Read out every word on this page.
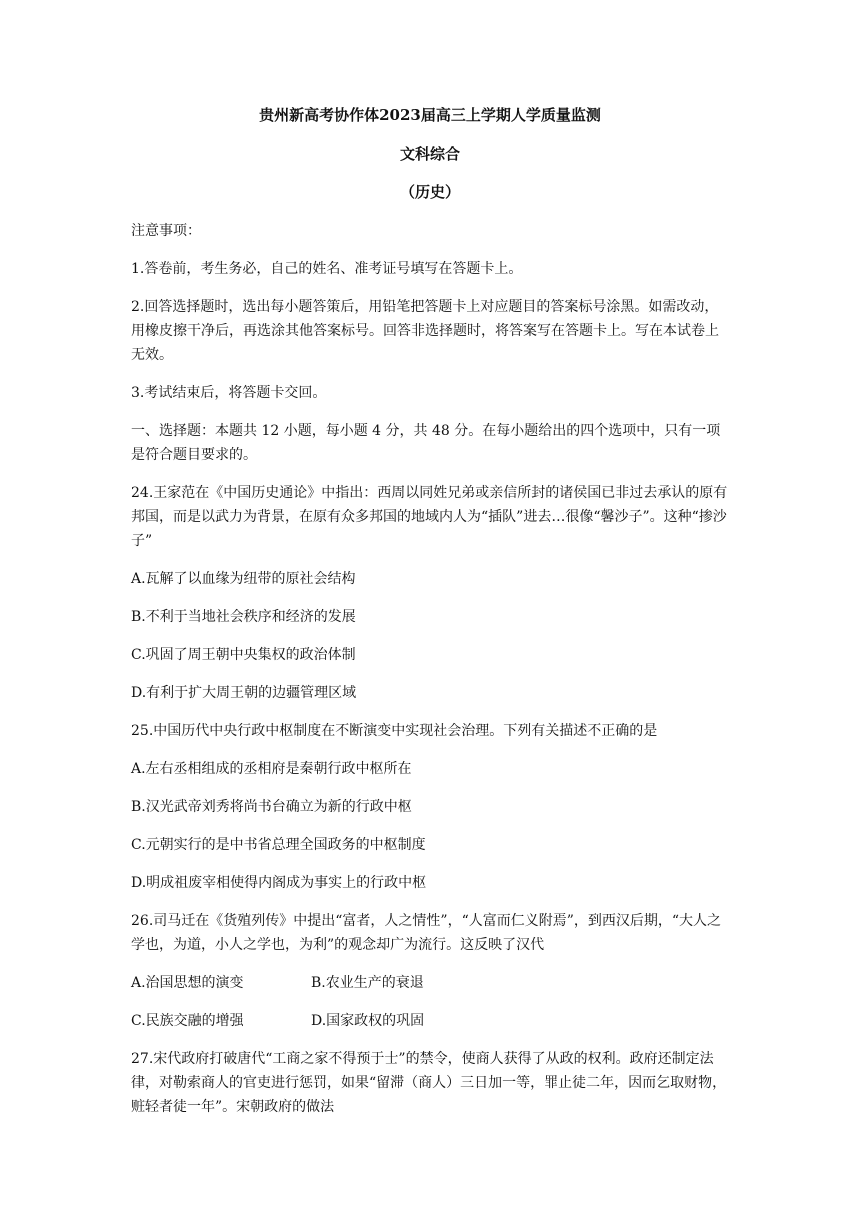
贵州新高考协作体2023届高三上学期人学质量监测
文科综合
（历史）

注意事项：

1.答卷前，考生务必，自己的姓名、准考证号填写在答题卡上。

2.回答选择题时，选出每小题答策后，用铅笔把答题卡上对应题目的答案标号涂黑。如需改动，用橡皮擦干净后，再选涂其他答案标号。回答非选择题时，将答案写在答题卡上。写在本试卷上无效。

3.考试结束后，将答题卡交回。

一、选择题：本题共 12 小题，每小题 4 分，共 48 分。在每小题给出的四个选项中，只有一项是符合题目要求的。

24.王家范在《中国历史通论》中指出：西周以同姓兄弟或亲信所封的诸侯国已非过去承认的原有邦国，而是以武力为背景，在原有众多邦国的地域内人为“插队”进去…很像“馨沙子”。这种“掺沙子”

A.瓦解了以血缘为纽带的原社会结构

B.不利于当地社会秩序和经济的发展

C.巩固了周王朝中央集权的政治体制

D.有利于扩大周王朝的边疆管理区域

25.中国历代中央行政中枢制度在不断演变中实现社会治理。下列有关描述不正确的是

A.左右丞相组成的丞相府是秦朝行政中枢所在

B.汉光武帝刘秀将尚书台确立为新的行政中枢

C.元朝实行的是中书省总理全国政务的中枢制度

D.明成祖废宰相使得内阁成为事实上的行政中枢

26.司马迁在《货殖列传》中提出“富者，人之情性”，“人富而仁义附焉”，到西汉后期，“大人之学也，为道，小人之学也，为利”的观念却广为流行。这反映了汉代

A.治国思想的演变	B.农业生产的衰退
C.民族交融的增强	D.国家政权的巩固

27.宋代政府打破唐代“工商之家不得预于士”的禁令，使商人获得了从政的权利。政府还制定法律，对勒索商人的官吏进行惩罚，如果“留滞（商人）三日加一等，罪止徒二年，因而乞取财物，赃轻者徒一年”。宋朝政府的做法
